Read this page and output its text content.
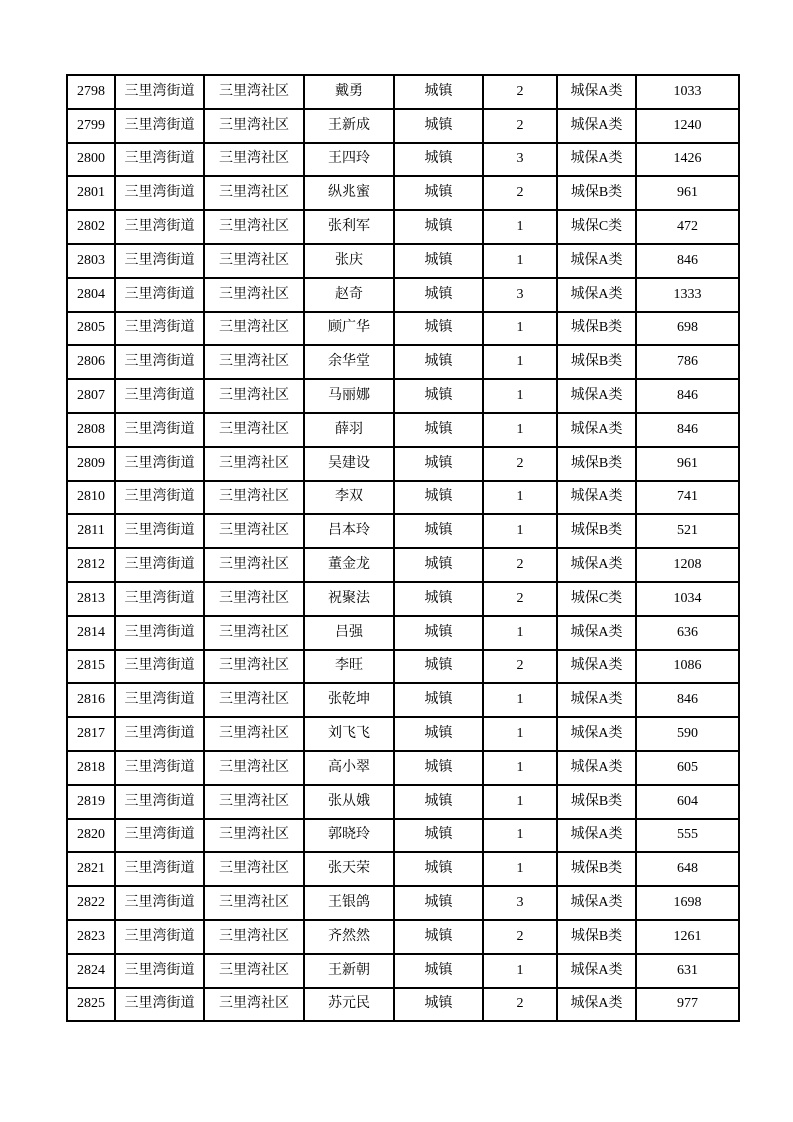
2798	三里湾街道	三里湾社区	戴勇	城镇	2	城保A类	1033
2799	三里湾街道	三里湾社区	王新成	城镇	2	城保A类	1240
2800	三里湾街道	三里湾社区	王四玲	城镇	3	城保A类	1426
2801	三里湾街道	三里湾社区	纵兆蜜	城镇	2	城保B类	961
2802	三里湾街道	三里湾社区	张利军	城镇	1	城保C类	472
2803	三里湾街道	三里湾社区	张庆	城镇	1	城保A类	846
2804	三里湾街道	三里湾社区	赵奇	城镇	3	城保A类	1333
2805	三里湾街道	三里湾社区	顾广华	城镇	1	城保B类	698
2806	三里湾街道	三里湾社区	余华堂	城镇	1	城保B类	786
2807	三里湾街道	三里湾社区	马丽娜	城镇	1	城保A类	846
2808	三里湾街道	三里湾社区	薛羽	城镇	1	城保A类	846
2809	三里湾街道	三里湾社区	吴建设	城镇	2	城保B类	961
2810	三里湾街道	三里湾社区	李双	城镇	1	城保A类	741
2811	三里湾街道	三里湾社区	吕本玲	城镇	1	城保B类	521
2812	三里湾街道	三里湾社区	董金龙	城镇	2	城保A类	1208
2813	三里湾街道	三里湾社区	祝聚法	城镇	2	城保C类	1034
2814	三里湾街道	三里湾社区	吕强	城镇	1	城保A类	636
2815	三里湾街道	三里湾社区	李旺	城镇	2	城保A类	1086
2816	三里湾街道	三里湾社区	张乾坤	城镇	1	城保A类	846
2817	三里湾街道	三里湾社区	刘飞飞	城镇	1	城保A类	590
2818	三里湾街道	三里湾社区	高小翠	城镇	1	城保A类	605
2819	三里湾街道	三里湾社区	张从娥	城镇	1	城保B类	604
2820	三里湾街道	三里湾社区	郭晓玲	城镇	1	城保A类	555
2821	三里湾街道	三里湾社区	张天荣	城镇	1	城保B类	648
2822	三里湾街道	三里湾社区	王银鸽	城镇	3	城保A类	1698
2823	三里湾街道	三里湾社区	齐然然	城镇	2	城保B类	1261
2824	三里湾街道	三里湾社区	王新朝	城镇	1	城保A类	631
2825	三里湾街道	三里湾社区	苏元民	城镇	2	城保A类	977
